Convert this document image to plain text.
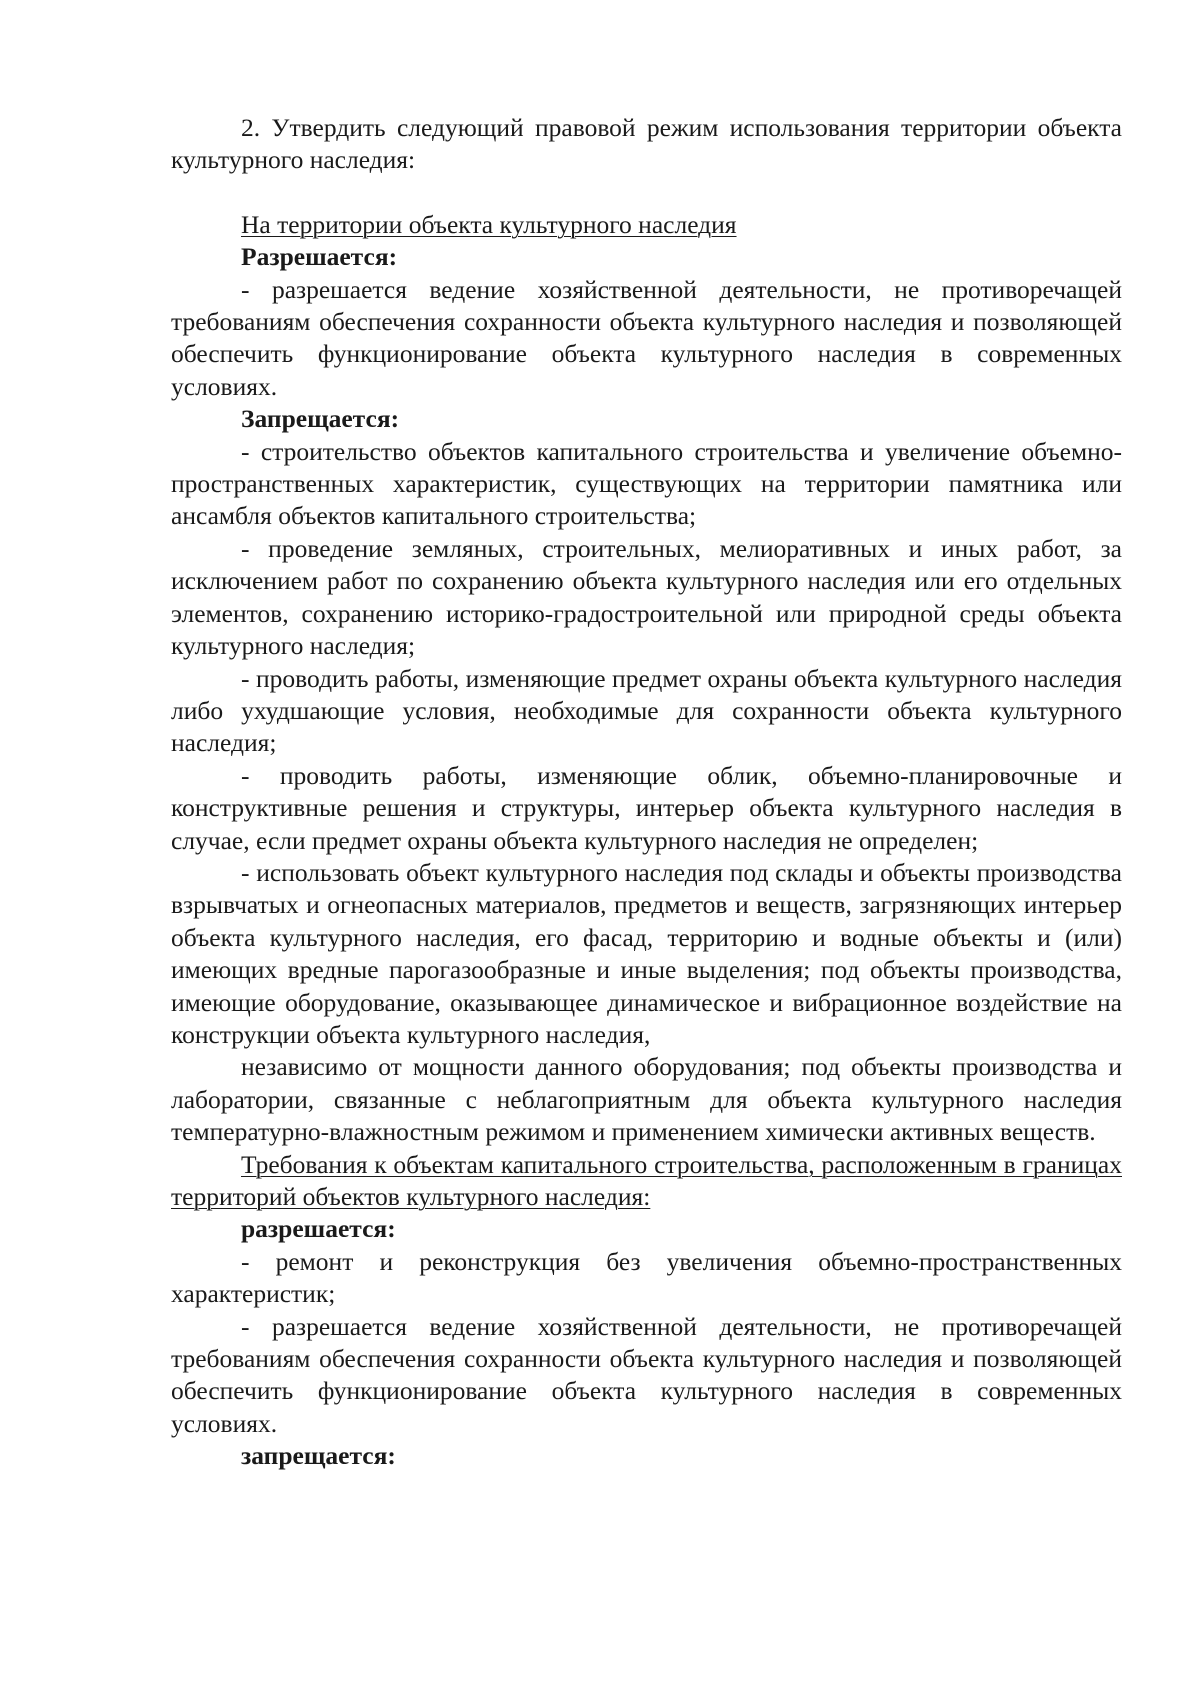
2. Утвердить следующий правовой режим использования территории объекта культурного наследия:

На территории объекта культурного наследия

Разрешается:

- разрешается ведение хозяйственной деятельности, не противоречащей требованиям обеспечения сохранности объекта культурного наследия и позволяющей обеспечить функционирование объекта культурного наследия в современных условиях.

Запрещается:

- строительство объектов капитального строительства и увеличение объемно-пространственных характеристик, существующих на территории памятника или ансамбля объектов капитального строительства;

- проведение земляных, строительных, мелиоративных и иных работ, за исключением работ по сохранению объекта культурного наследия или его отдельных элементов, сохранению историко-градостроительной или природной среды объекта культурного наследия;

- проводить работы, изменяющие предмет охраны объекта культурного наследия либо ухудшающие условия, необходимые для сохранности объекта культурного наследия;

- проводить работы, изменяющие облик, объемно-планировочные и конструктивные решения и структуры, интерьер объекта культурного наследия в случае, если предмет охраны объекта культурного наследия не определен;

- использовать объект культурного наследия под склады и объекты производства взрывчатых и огнеопасных материалов, предметов и веществ, загрязняющих интерьер объекта культурного наследия, его фасад, территорию и водные объекты и (или) имеющих вредные парогазообразные и иные выделения; под объекты производства, имеющие оборудование, оказывающее динамическое и вибрационное воздействие на конструкции объекта культурного наследия,

независимо от мощности данного оборудования; под объекты производства и лаборатории, связанные с неблагоприятным для объекта культурного наследия температурно-влажностным режимом и применением химически активных веществ.

Требования к объектам капитального строительства, расположенным в границах территорий объектов культурного наследия:

разрешается:

- ремонт и реконструкция без увеличения объемно-пространственных характеристик;

- разрешается ведение хозяйственной деятельности, не противоречащей требованиям обеспечения сохранности объекта культурного наследия и позволяющей обеспечить функционирование объекта культурного наследия в современных условиях.

запрещается:
